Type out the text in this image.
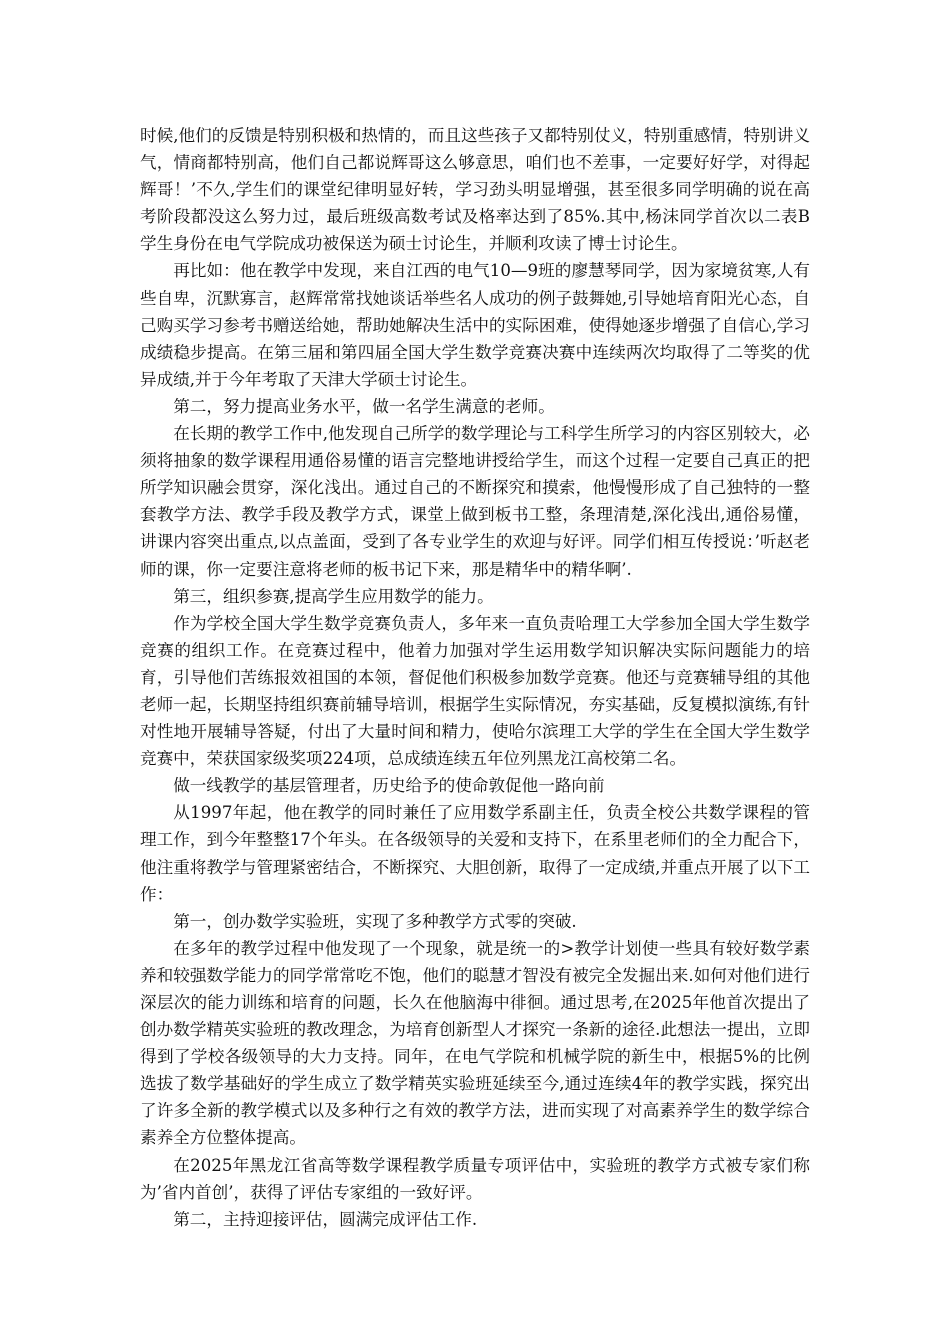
时候,他们的反馈是特别积极和热情的，而且这些孩子又都特别仗义，特别重感情，特别讲义气，情商都特别高，他们自己都说辉哥这么够意思，咱们也不差事，一定要好好学，对得起辉哥！’不久,学生们的课堂纪律明显好转，学习劲头明显增强，甚至很多同学明确的说在高考阶段都没这么努力过，最后班级高数考试及格率达到了85%.其中,杨沫同学首次以二表B学生身份在电气学院成功被保送为硕士讨论生，并顺利攻读了博士讨论生。

再比如：他在教学中发现，来自江西的电气10—9班的廖慧琴同学，因为家境贫寒,人有些自卑，沉默寡言，赵辉常常找她谈话举些名人成功的例子鼓舞她,引导她培育阳光心态，自己购买学习参考书赠送给她，帮助她解决生活中的实际困难，使得她逐步增强了自信心,学习成绩稳步提高。在第三届和第四届全国大学生数学竞赛决赛中连续两次均取得了二等奖的优异成绩,并于今年考取了天津大学硕士讨论生。

第二，努力提高业务水平，做一名学生满意的老师。

在长期的教学工作中,他发现自己所学的数学理论与工科学生所学习的内容区别较大，必须将抽象的数学课程用通俗易懂的语言完整地讲授给学生，而这个过程一定要自己真正的把所学知识融会贯穿，深化浅出。通过自己的不断探究和摸索，他慢慢形成了自己独特的一整套教学方法、教学手段及教学方式，课堂上做到板书工整，条理清楚,深化浅出,通俗易懂，讲课内容突出重点,以点盖面，受到了各专业学生的欢迎与好评。同学们相互传授说：’听赵老师的课，你一定要注意将老师的板书记下来，那是精华中的精华啊’.

第三，组织参赛,提高学生应用数学的能力。

作为学校全国大学生数学竞赛负责人，多年来一直负责哈理工大学参加全国大学生数学竞赛的组织工作。在竞赛过程中，他着力加强对学生运用数学知识解决实际问题能力的培育，引导他们苦练报效祖国的本领，督促他们积极参加数学竞赛。他还与竞赛辅导组的其他老师一起，长期坚持组织赛前辅导培训，根据学生实际情况，夯实基础，反复模拟演练,有针对性地开展辅导答疑，付出了大量时间和精力，使哈尔滨理工大学的学生在全国大学生数学竞赛中，荣获国家级奖项224项，总成绩连续五年位列黑龙江高校第二名。

做一线教学的基层管理者，历史给予的使命敦促他一路向前

从1997年起，他在教学的同时兼任了应用数学系副主任，负责全校公共数学课程的管理工作，到今年整整17个年头。在各级领导的关爱和支持下，在系里老师们的全力配合下，他注重将教学与管理紧密结合，不断探究、大胆创新，取得了一定成绩,并重点开展了以下工作：

第一，创办数学实验班，实现了多种教学方式零的突破.

在多年的教学过程中他发现了一个现象，就是统一的>教学计划使一些具有较好数学素养和较强数学能力的同学常常吃不饱，他们的聪慧才智没有被完全发掘出来.如何对他们进行深层次的能力训练和培育的问题，长久在他脑海中徘徊。通过思考,在2025年他首次提出了创办数学精英实验班的教改理念，为培育创新型人才探究一条新的途径.此想法一提出，立即得到了学校各级领导的大力支持。同年，在电气学院和机械学院的新生中，根据5%的比例选拔了数学基础好的学生成立了数学精英实验班延续至今,通过连续4年的教学实践，探究出了许多全新的教学模式以及多种行之有效的教学方法，进而实现了对高素养学生的数学综合素养全方位整体提高。

在2025年黑龙江省高等数学课程教学质量专项评估中，实验班的教学方式被专家们称为’省内首创’，获得了评估专家组的一致好评。

第二，主持迎接评估，圆满完成评估工作.
